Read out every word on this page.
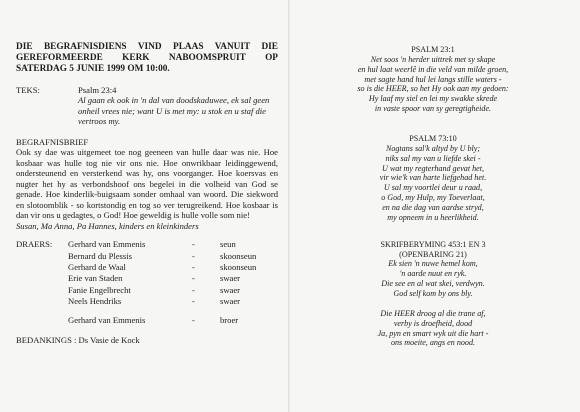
DIE BEGRAFNISDIENS VIND PLAAS VANUIT DIE GEREFORMEERDE KERK NABOOMSPRUIT OP SATERDAG 5 JUNIE 1999 OM 10:00.
TEKS:	Psalm 23:4
Al gaan ek ook in 'n dal van doodskaduwee, ek sal geen
onheil vrees nie; want U is met my: u stok en u staf die
vertroos my.
BEGRAFNISBRIEF
Ook sy dae was uitgemeet toe nog geeneen van hulle daar was nie. Hoe kosbaar was hulle tog nie vir ons nie. Hoe onwrikbaar leidinggewend, ondersteunend en versterkend was hy, ons voorganger. Hoe koersvas en nugter het hy as verbondshoof ons begelei in die volheid van God se genade. Hoe kinderlik-buigsaam sonder omhaal van woord. Die siekword en slotoomblik - so kortstondig en tog so ver terugreikend. Hoe kosbaar is dan vir ons u gedagtes, o God! Hoe geweldig is hulle volle som nie!
Susan, Ma Anna, Pa Hannes, kinders en kleinkinders
DRAERS:	Gerhard van Emmenis	-	seun
Bernard du Plessis	-	skoonseun
Gerhard de Waal	-	skoonseun
Erie van Staden	-	swaer
Fanie Engelbrecht	-	swaer
Neels Hendriks	-	swaer
Gerhard van Emmenis	-	broer
BEDANKINGS : Ds Vasie de Kock
PSALM 23:1
Net soos 'n herder uittrek met sy skape
en hul laat weerlê in die veld van milde groen,
met sagte hand hul lei langs stille waters -
so is die HEER, so het Hy ook aan my gedoen:
Hy laaf my siel en lei my swakke skrede
in vaste spoor van sy geregtigheide.
PSALM 73:10
Nogtans sal'k altyd by U bly;
niks sal my van u liefde skei -
U wat my regterhand gevat het,
vir wie'k van harte liefgehad het.
U sal my voortlei deur u raad,
o God, my Hulp, my Toeverlaat,
en na die dag van aardse stryd,
my opneem in u heerlikheid.
SKRIFBERYMING 453:1 EN 3
(OPENBARING 21)
Ek sien 'n nuwe hemel kom,
'n aarde nuut en ryk.
Die see en al wat skei, verdwyn.
God self kom by ons bly.
Die HEER droog al die trane af,
verby is droefheid, dood
Ja, pyn en smart wyk uit die hart -
ons moeite, angs en nood.
